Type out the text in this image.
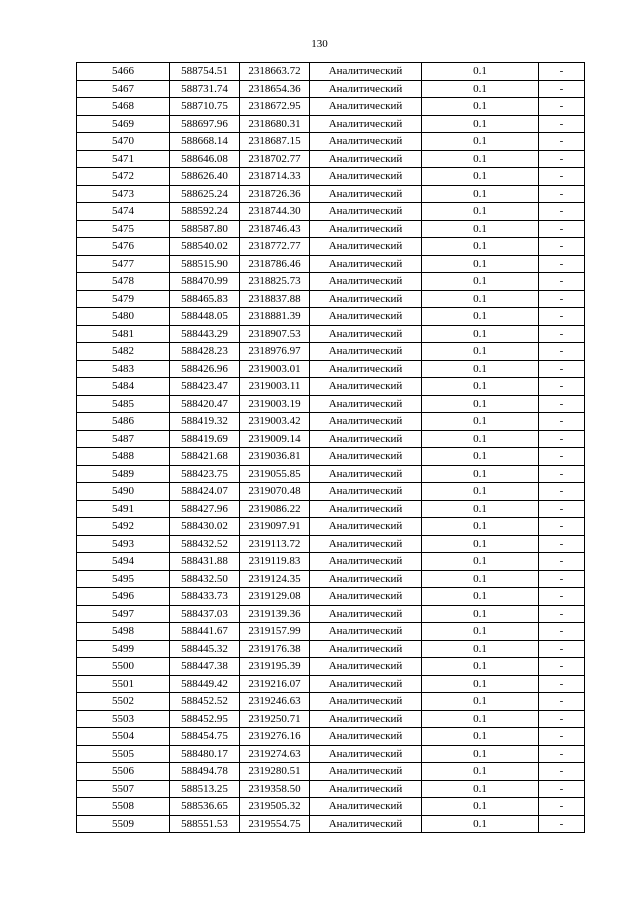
130
5466	588754.51	2318663.72	Аналитический	0.1	-
5467	588731.74	2318654.36	Аналитический	0.1	-
5468	588710.75	2318672.95	Аналитический	0.1	-
5469	588697.96	2318680.31	Аналитический	0.1	-
5470	588668.14	2318687.15	Аналитический	0.1	-
5471	588646.08	2318702.77	Аналитический	0.1	-
5472	588626.40	2318714.33	Аналитический	0.1	-
5473	588625.24	2318726.36	Аналитический	0.1	-
5474	588592.24	2318744.30	Аналитический	0.1	-
5475	588587.80	2318746.43	Аналитический	0.1	-
5476	588540.02	2318772.77	Аналитический	0.1	-
5477	588515.90	2318786.46	Аналитический	0.1	-
5478	588470.99	2318825.73	Аналитический	0.1	-
5479	588465.83	2318837.88	Аналитический	0.1	-
5480	588448.05	2318881.39	Аналитический	0.1	-
5481	588443.29	2318907.53	Аналитический	0.1	-
5482	588428.23	2318976.97	Аналитический	0.1	-
5483	588426.96	2319003.01	Аналитический	0.1	-
5484	588423.47	2319003.11	Аналитический	0.1	-
5485	588420.47	2319003.19	Аналитический	0.1	-
5486	588419.32	2319003.42	Аналитический	0.1	-
5487	588419.69	2319009.14	Аналитический	0.1	-
5488	588421.68	2319036.81	Аналитический	0.1	-
5489	588423.75	2319055.85	Аналитический	0.1	-
5490	588424.07	2319070.48	Аналитический	0.1	-
5491	588427.96	2319086.22	Аналитический	0.1	-
5492	588430.02	2319097.91	Аналитический	0.1	-
5493	588432.52	2319113.72	Аналитический	0.1	-
5494	588431.88	2319119.83	Аналитический	0.1	-
5495	588432.50	2319124.35	Аналитический	0.1	-
5496	588433.73	2319129.08	Аналитический	0.1	-
5497	588437.03	2319139.36	Аналитический	0.1	-
5498	588441.67	2319157.99	Аналитический	0.1	-
5499	588445.32	2319176.38	Аналитический	0.1	-
5500	588447.38	2319195.39	Аналитический	0.1	-
5501	588449.42	2319216.07	Аналитический	0.1	-
5502	588452.52	2319246.63	Аналитический	0.1	-
5503	588452.95	2319250.71	Аналитический	0.1	-
5504	588454.75	2319276.16	Аналитический	0.1	-
5505	588480.17	2319274.63	Аналитический	0.1	-
5506	588494.78	2319280.51	Аналитический	0.1	-
5507	588513.25	2319358.50	Аналитический	0.1	-
5508	588536.65	2319505.32	Аналитический	0.1	-
5509	588551.53	2319554.75	Аналитический	0.1	-
